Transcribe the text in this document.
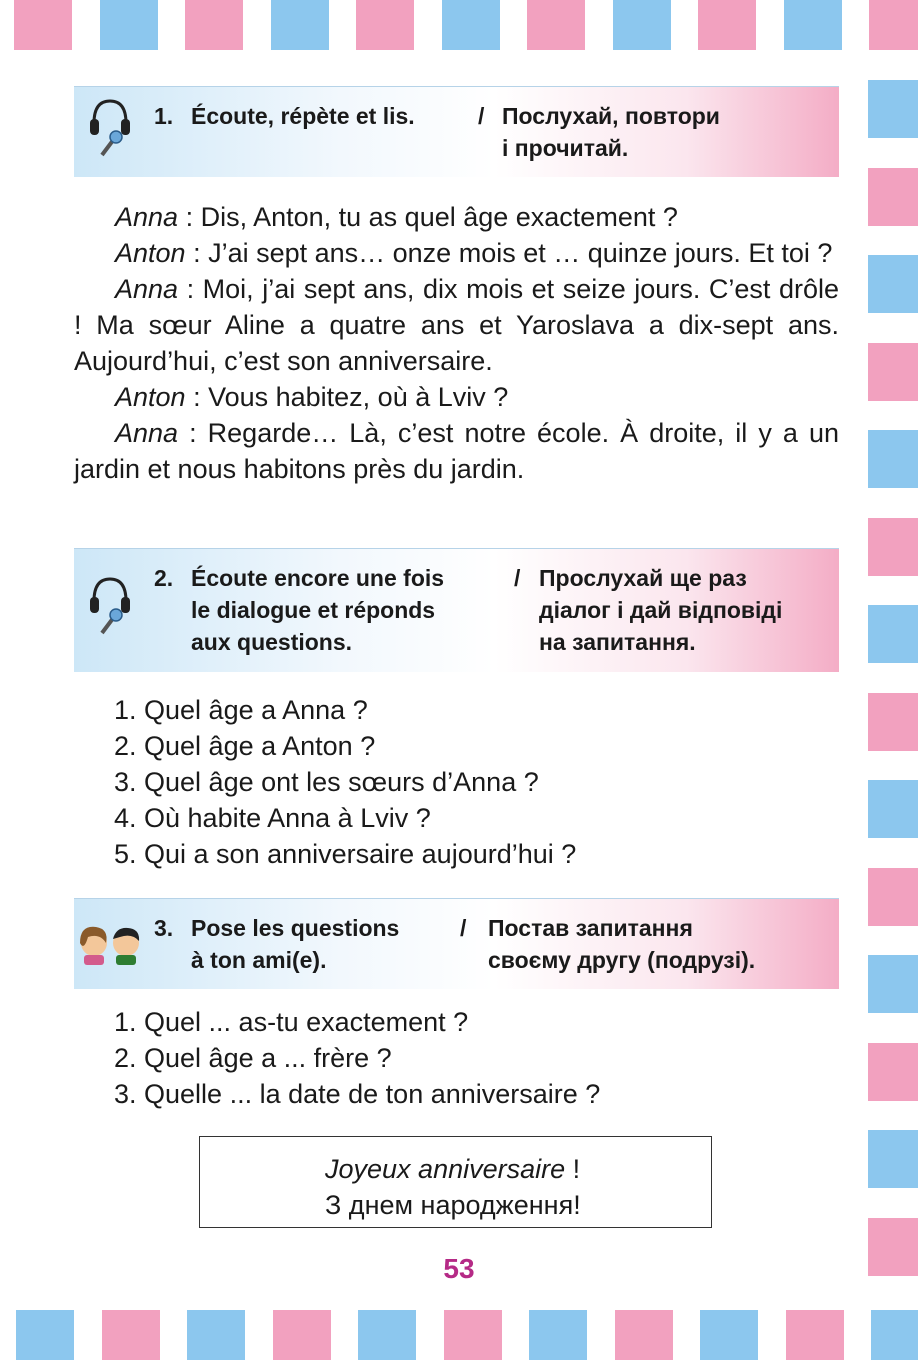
1. Écoute, répète et lis.	/ Послухай, повтори
і прочитай.

Anna : Dis, Anton, tu as quel âge exactement ?

Anton : J’ai sept ans… onze mois et … quinze jours. Et toi ?

Anna : Moi, j’ai sept ans, dix mois et seize jours. C’est drôle ! Ma sœur Aline a quatre ans et Yaroslava a dix-sept ans. Aujourd’hui, c’est son anniversaire.

Anton : Vous habitez, où à Lviv ?

Anna : Regarde… Là, c’est notre école. À droite, il y a un jardin et nous habitons près du jardin.

2. Écoute encore une fois
le dialogue et réponds
aux questions.
/ Прослухай ще раз
діалог і дай відповіді
на запитання.
1. Quel âge a Anna ?
2. Quel âge a Anton ?
3. Quel âge ont les sœurs d’Anna ?
4. Où habite Anna à Lviv ?
5. Qui a son anniversaire aujourd’hui ?
3. Pose les questions
à ton ami(e).
/ Постав запитання
своєму другу (подрузі).
1. Quel ... as-tu exactement ?
2. Quel âge a ... frère ?
3. Quelle ... la date de ton anniversaire ?
Joyeux anniversaire !
З днем народження!
53
